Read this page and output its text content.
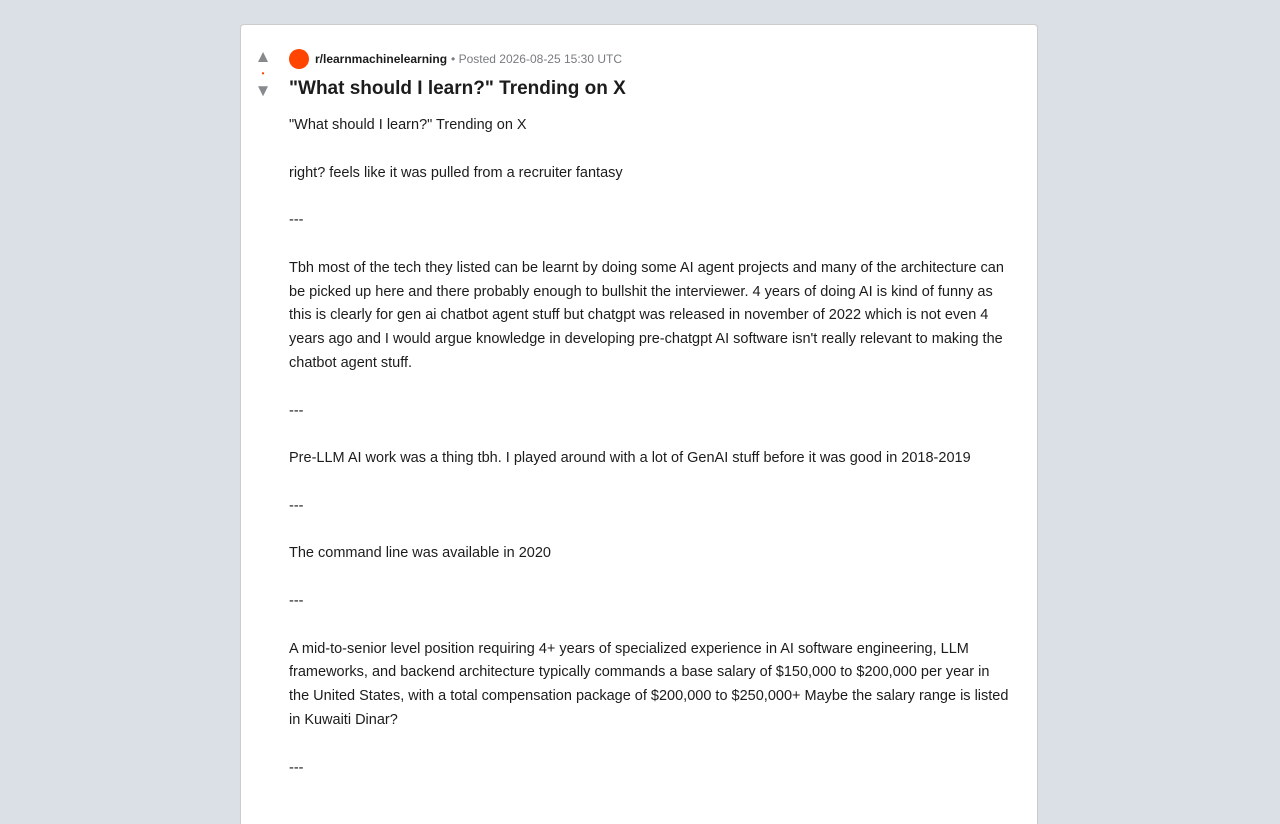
▲
•
▼
r/learnmachinelearning • Posted 2026-08-25 15:30 UTC
"What should I learn?" Trending on X

"What should I learn?" Trending on X

right? feels like it was pulled from a recruiter fantasy

---

Tbh most of the tech they listed can be learnt by doing some AI agent projects and many of the architecture can be picked up here and there probably enough to bullshit the interviewer. 4 years of doing AI is kind of funny as this is clearly for gen ai chatbot agent stuff but chatgpt was released in november of 2022 which is not even 4 years ago and I would argue knowledge in developing pre-chatgpt AI software isn't really relevant to making the chatbot agent stuff.

---

Pre-LLM AI work was a thing tbh. I played around with a lot of GenAI stuff before it was good in 2018-2019

---

The command line was available in 2020

---

A mid-to-senior level position requiring 4+ years of specialized experience in AI software engineering, LLM frameworks, and backend architecture typically commands a base salary of $150,000 to $200,000 per year in the United States, with a total compensation package of $200,000 to $250,000+ Maybe the salary range is listed in Kuwaiti Dinar?

---
